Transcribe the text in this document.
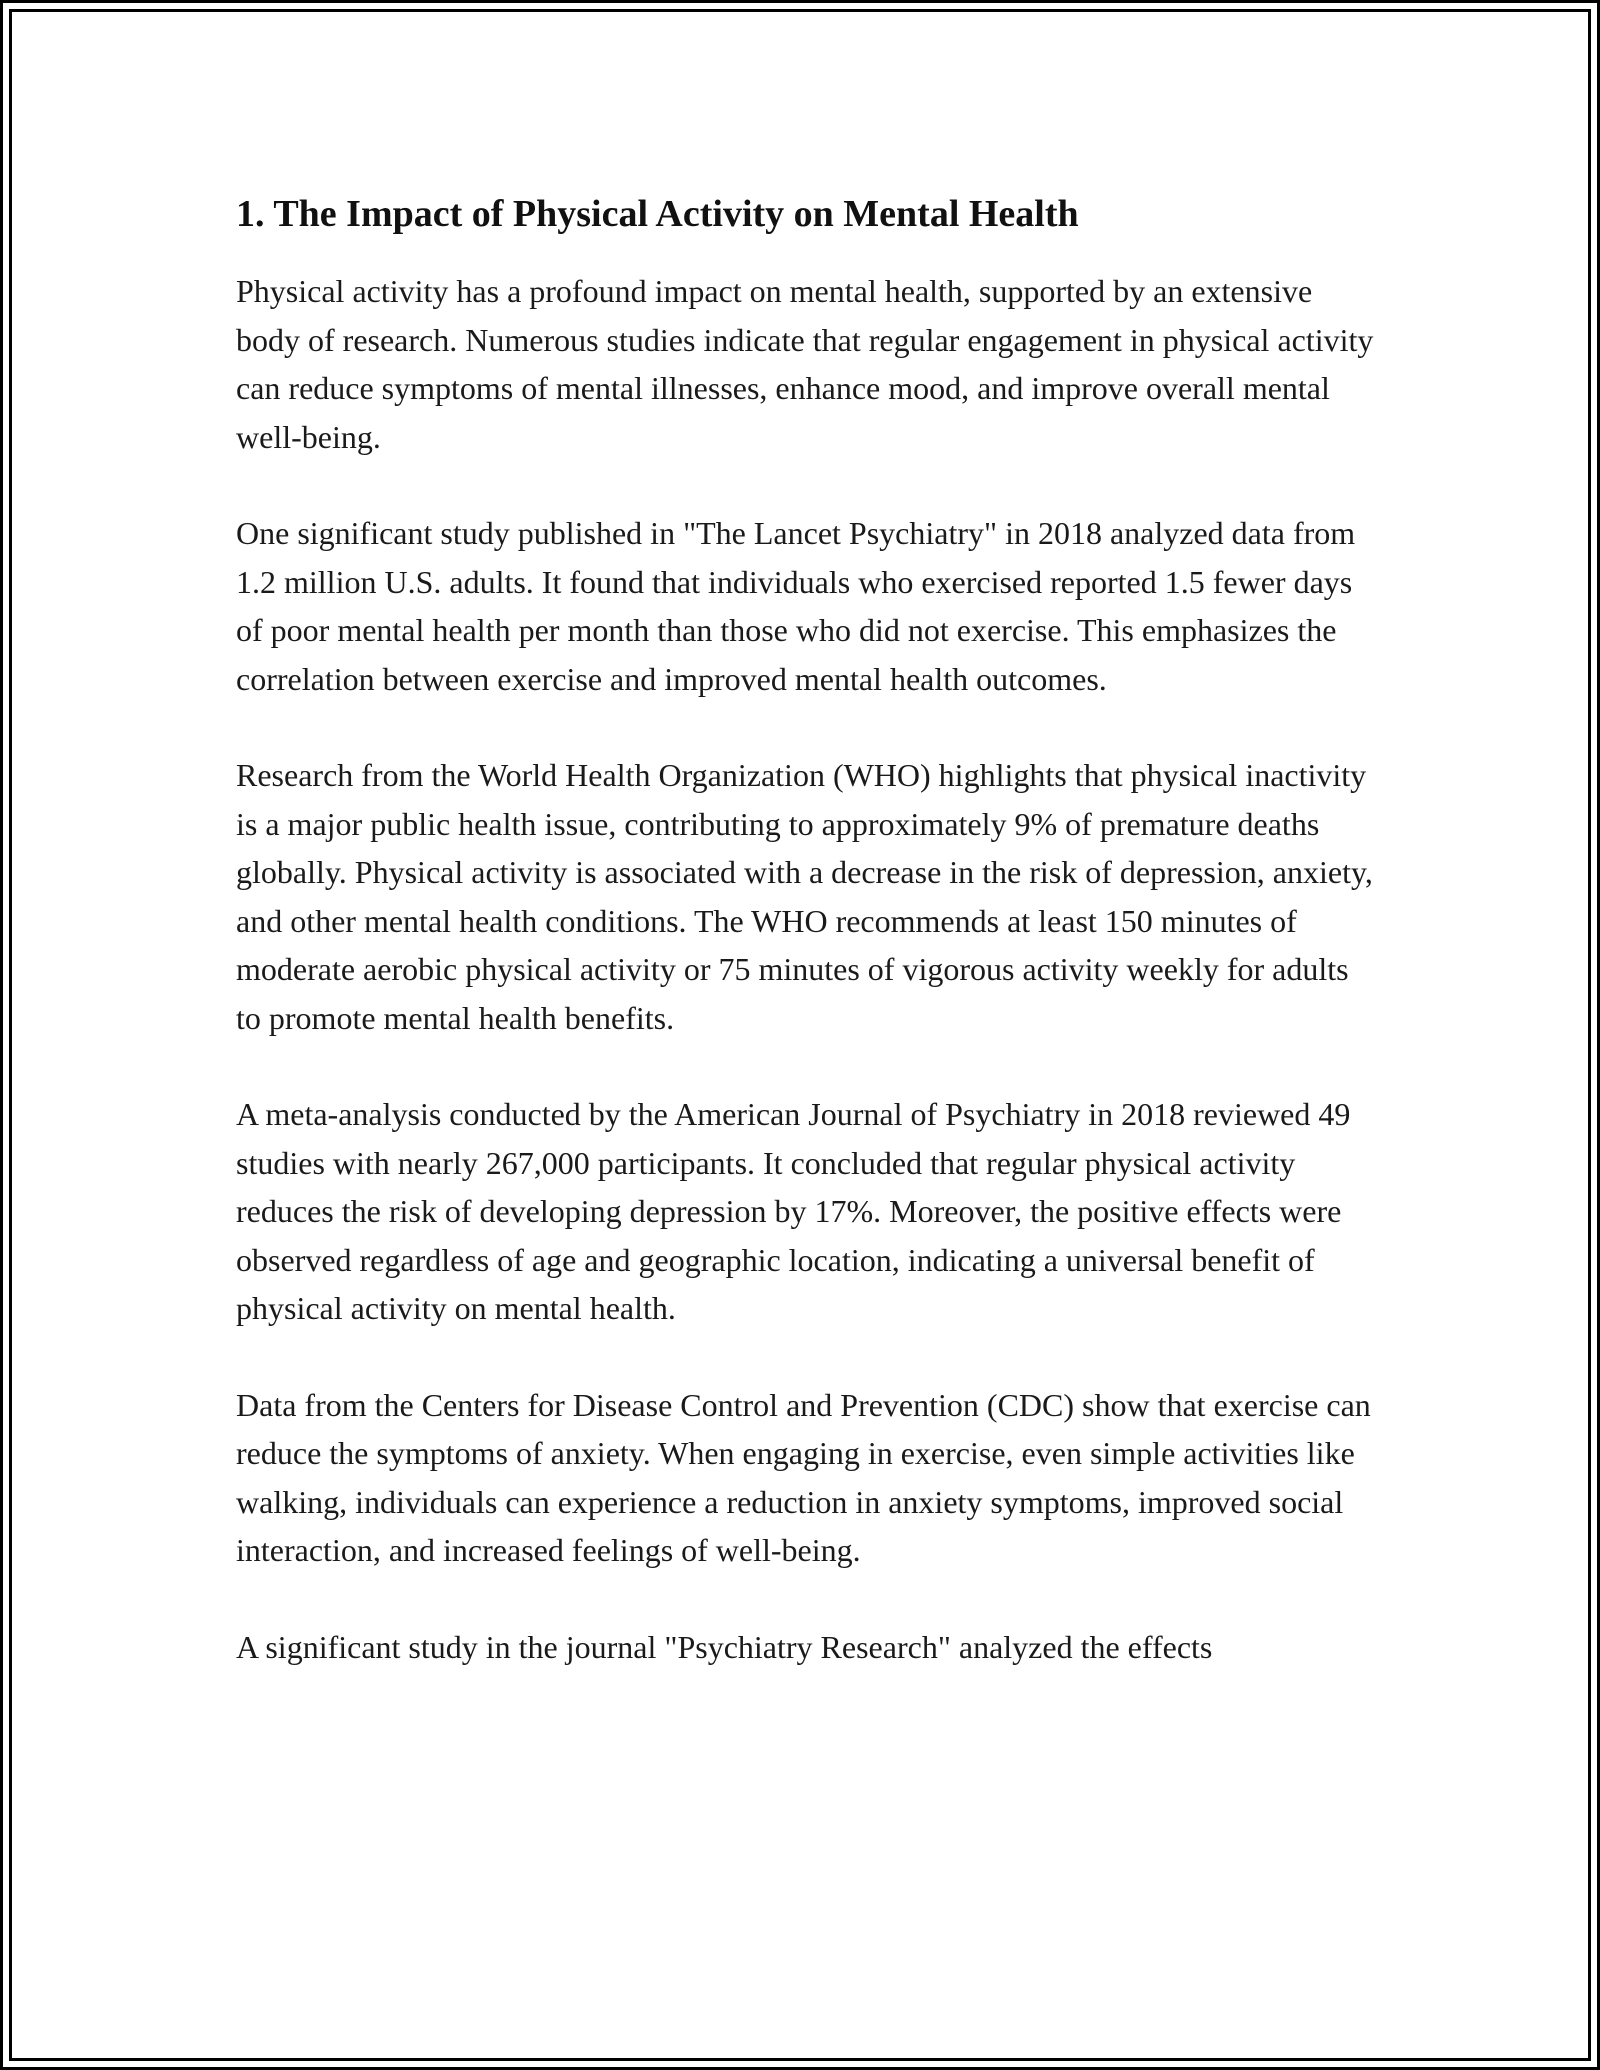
1. The Impact of Physical Activity on Mental Health

Physical activity has a profound impact on mental health, supported by an extensive body of research. Numerous studies indicate that regular engagement in physical activity can reduce symptoms of mental illnesses, enhance mood, and improve overall mental well-being.

One significant study published in "The Lancet Psychiatry" in 2018 analyzed data from 1.2 million U.S. adults. It found that individuals who exercised reported 1.5 fewer days of poor mental health per month than those who did not exercise. This emphasizes the correlation between exercise and improved mental health outcomes.

Research from the World Health Organization (WHO) highlights that physical inactivity is a major public health issue, contributing to approximately 9% of premature deaths globally. Physical activity is associated with a decrease in the risk of depression, anxiety, and other mental health conditions. The WHO recommends at least 150 minutes of moderate aerobic physical activity or 75 minutes of vigorous activity weekly for adults to promote mental health benefits.

A meta-analysis conducted by the American Journal of Psychiatry in 2018 reviewed 49 studies with nearly 267,000 participants. It concluded that regular physical activity reduces the risk of developing depression by 17%. Moreover, the positive effects were observed regardless of age and geographic location, indicating a universal benefit of physical activity on mental health.

Data from the Centers for Disease Control and Prevention (CDC) show that exercise can reduce the symptoms of anxiety. When engaging in exercise, even simple activities like walking, individuals can experience a reduction in anxiety symptoms, improved social interaction, and increased feelings of well-being.

A significant study in the journal "Psychiatry Research" analyzed the effects
